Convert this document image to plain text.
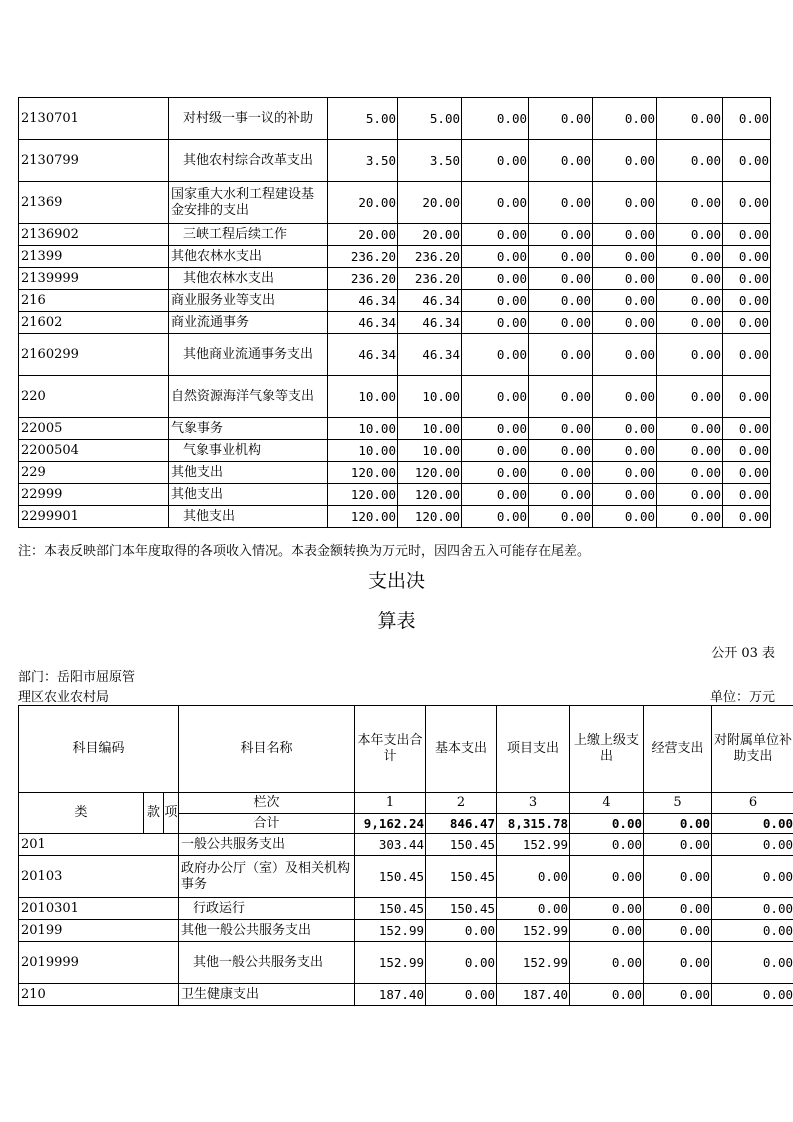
2130701	对村级一事一议的补助	5.00	5.00	0.00	0.00	0.00	0.00	0.00
2130799	其他农村综合改革支出	3.50	3.50	0.00	0.00	0.00	0.00	0.00
21369	国家重大水利工程建设基金安排的支出	20.00	20.00	0.00	0.00	0.00	0.00	0.00
2136902	三峡工程后续工作	20.00	20.00	0.00	0.00	0.00	0.00	0.00
21399	其他农林水支出	236.20	236.20	0.00	0.00	0.00	0.00	0.00
2139999	其他农林水支出	236.20	236.20	0.00	0.00	0.00	0.00	0.00
216	商业服务业等支出	46.34	46.34	0.00	0.00	0.00	0.00	0.00
21602	商业流通事务	46.34	46.34	0.00	0.00	0.00	0.00	0.00
2160299	其他商业流通事务支出	46.34	46.34	0.00	0.00	0.00	0.00	0.00
220	自然资源海洋气象等支出	10.00	10.00	0.00	0.00	0.00	0.00	0.00
22005	气象事务	10.00	10.00	0.00	0.00	0.00	0.00	0.00
2200504	气象事业机构	10.00	10.00	0.00	0.00	0.00	0.00	0.00
229	其他支出	120.00	120.00	0.00	0.00	0.00	0.00	0.00
22999	其他支出	120.00	120.00	0.00	0.00	0.00	0.00	0.00
2299901	其他支出	120.00	120.00	0.00	0.00	0.00	0.00	0.00
注：本表反映部门本年度取得的各项收入情况。本表金额转换为万元时，因四舍五入可能存在尾差。
支出决
算表
公开 03 表
部门：岳阳市屈原管
理区农业农村局	单位：万元
科目编码			科目名称	本年支出合计	基本支出	项目支出	上缴上级支出	经营支出	对附属单位补助支出
类	款	项	栏次	1	2	3	4	5	6
			合计	9,162.24	846.47	8,315.78	0.00	0.00	0.00
201			一般公共服务支出	303.44	150.45	152.99	0.00	0.00	0.00
20103			政府办公厅（室）及相关机构事务	150.45	150.45	0.00	0.00	0.00	0.00
2010301			行政运行	150.45	150.45	0.00	0.00	0.00	0.00
20199			其他一般公共服务支出	152.99	0.00	152.99	0.00	0.00	0.00
2019999			其他一般公共服务支出	152.99	0.00	152.99	0.00	0.00	0.00
210			卫生健康支出	187.40	0.00	187.40	0.00	0.00	0.00
